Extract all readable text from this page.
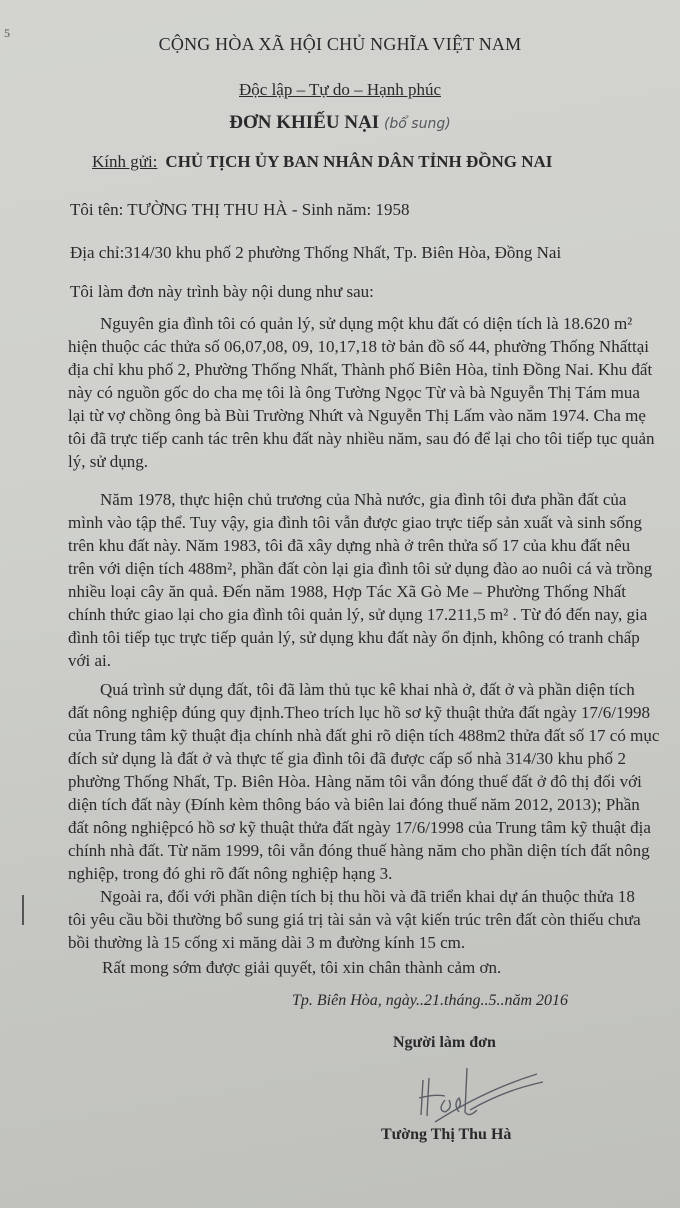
5
CỘNG HÒA XÃ HỘI CHỦ NGHĨA VIỆT NAM
Độc lập – Tự do – Hạnh phúc
ĐƠN KHIẾU NẠI (bổ sung)
Kính gửi: CHỦ TỊCH ỦY BAN NHÂN DÂN TỈNH ĐỒNG NAI
Tôi tên: TƯỜNG THỊ THU HÀ - Sinh năm: 1958
Địa chỉ:314/30 khu phố 2 phường Thống Nhất, Tp. Biên Hòa, Đồng Nai
Tôi làm đơn này trình bày nội dung như sau:
Nguyên gia đình tôi có quản lý, sử dụng một khu đất có diện tích là 18.620 m²
hiện thuộc các thửa số 06,07,08, 09, 10,17,18 tờ bản đồ số 44, phường Thống Nhấttại
địa chỉ khu phố 2, Phường Thống Nhất, Thành phố Biên Hòa, tỉnh Đồng Nai. Khu đất
này có nguồn gốc do cha mẹ tôi là ông Tường Ngọc Từ và bà Nguyễn Thị Tám mua
lại từ vợ chồng ông bà Bùi Trường Nhứt và Nguyễn Thị Lấm vào năm 1974. Cha mẹ
tôi đã trực tiếp canh tác trên khu đất này nhiều năm, sau đó để lại cho tôi tiếp tục quản
lý, sử dụng.
Năm 1978, thực hiện chủ trương của Nhà nước, gia đình tôi đưa phần đất của
mình vào tập thể. Tuy vậy, gia đình tôi vẫn được giao trực tiếp sản xuất và sinh sống
trên khu đất này. Năm 1983, tôi đã xây dựng nhà ở trên thửa số 17 của khu đất nêu
trên với diện tích 488m², phần đất còn lại gia đình tôi sử dụng đào ao nuôi cá và trồng
nhiều loại cây ăn quả. Đến năm 1988, Hợp Tác Xã Gò Me – Phường Thống Nhất
chính thức giao lại cho gia đình tôi quản lý, sử dụng 17.211,5 m² . Từ đó đến nay, gia
đình tôi tiếp tục trực tiếp quản lý, sử dụng khu đất này ổn định, không có tranh chấp
với ai.
Quá trình sử dụng đất, tôi đã làm thủ tục kê khai nhà ở, đất ở và phần diện tích
đất nông nghiệp đúng quy định.Theo trích lục hồ sơ kỹ thuật thửa đất ngày 17/6/1998
của Trung tâm kỹ thuật địa chính nhà đất ghi rõ diện tích 488m2 thửa đất số 17 có mục
đích sử dụng là đất ở và thực tế gia đình tôi đã được cấp số nhà 314/30 khu phố 2
phường Thống Nhất, Tp. Biên Hòa. Hàng năm tôi vẫn đóng thuế đất ở đô thị đối với
diện tích đất này (Đính kèm thông báo và biên lai đóng thuế năm 2012, 2013); Phần
đất nông nghiệpcó hồ sơ kỹ thuật thửa đất ngày 17/6/1998 của Trung tâm kỹ thuật địa
chính nhà đất. Từ năm 1999, tôi vẫn đóng thuế hàng năm cho phần diện tích đất nông
nghiệp, trong đó ghi rõ đất nông nghiệp hạng 3.
Ngoài ra, đối với phần diện tích bị thu hồi và đã triển khai dự án thuộc thửa 18
tôi yêu cầu bồi thường bổ sung giá trị tài sản và vật kiến trúc trên đất còn thiếu chưa
bồi thường là 15 cống xi măng dài 3 m đường kính 15 cm.
Rất mong sớm được giải quyết, tôi xin chân thành cảm ơn.
Tp. Biên Hòa, ngày..21.tháng..5..năm 2016
Người làm đơn
Tường Thị Thu Hà
